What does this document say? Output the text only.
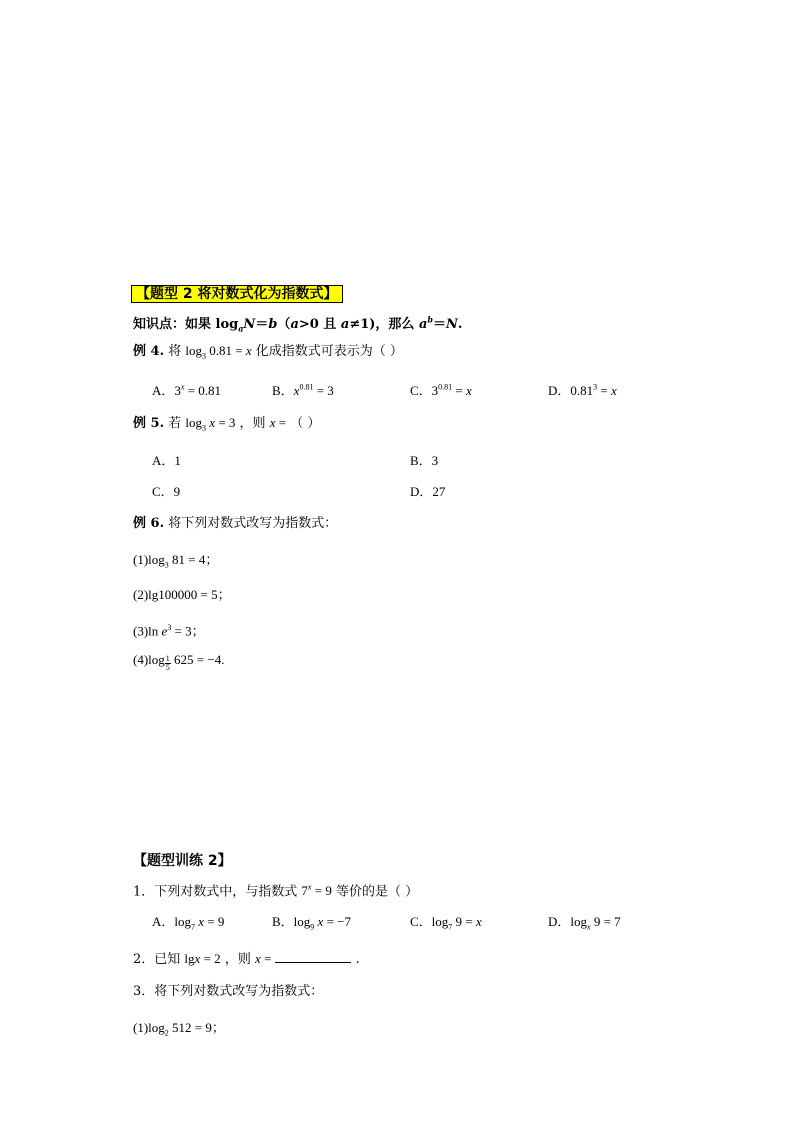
【题型 2 将对数式化为指数式】
知识点：如果 $\log_aN=b(a>0$ 且 a≠1)，那么 $a^b=N$.
例 4. 将 $\log_3 0.81 = x$ 化成指数式可表示为（ ）
A．$3^x = 0.81$	B．$x^{0.81} = 3$	C．$3^{0.81} = x$	D．$0.81^3 = x$
例 5. 若 $\log_3 x = 3$ ，则 x = （ ）
A．1	B．3
C．9	D．27
例 6. 将下列对数式改写为指数式：
$(1)\log_3$ 81 = 4；
(2)lg100000 = 5；
(3)ln $e^3 = 3$；
$(4)\log \frac{1}{5} 625 = -4$.
【题型训练 2】
1．下列对数式中，与指数式 $7^x = 9$ 等价的是（ ）
A．$\log_7 x = 9$	B．$\log_9 x = -7$	C．$\log_7 9 = x$	D．$\log_x 9 = 7$
2．已知 lgx = 2 ，则 x =	.
3．将下列对数式改写为指数式：
$(1)\log_2$ 512 = 9；
